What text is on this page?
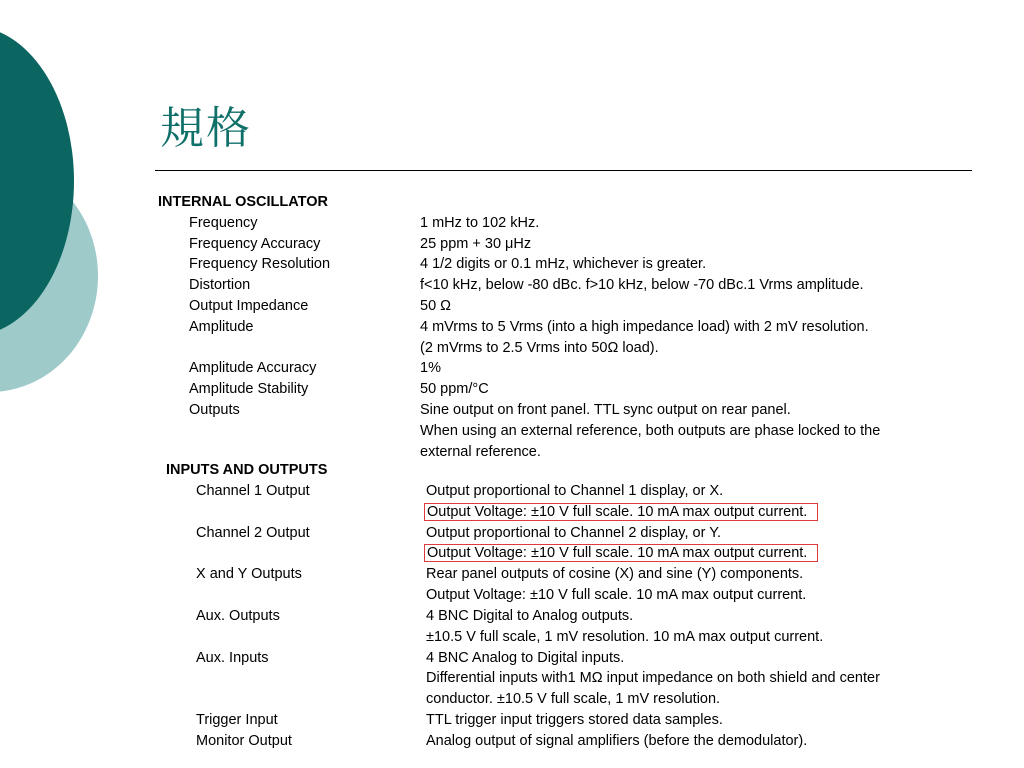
規格
INTERNAL OSCILLATOR
Frequency	1 mHz to 102 kHz.
Frequency Accuracy	25 ppm + 30 μHz
Frequency Resolution	4 1/2 digits or 0.1 mHz, whichever is greater.
Distortion	f<10 kHz, below -80 dBc. f>10 kHz, below -70 dBc.1 Vrms amplitude.
Output Impedance	50 Ω
Amplitude	4 mVrms to 5 Vrms (into a high impedance load) with 2 mV resolution.
(2 mVrms to 2.5 Vrms into 50Ω load).
Amplitude Accuracy	1%
Amplitude Stability	50 ppm/°C
Outputs	Sine output on front panel. TTL sync output on rear panel.
When using an external reference, both outputs are phase locked to the
external reference.
INPUTS AND OUTPUTS
Channel 1 Output	Output proportional to Channel 1 display, or X.
Output Voltage: ±10 V full scale. 10 mA max output current.
Channel 2 Output	Output proportional to Channel 2 display, or Y.
Output Voltage: ±10 V full scale. 10 mA max output current.
X and Y Outputs	Rear panel outputs of cosine (X) and sine (Y) components.
Output Voltage: ±10 V full scale. 10 mA max output current.
Aux. Outputs	4 BNC Digital to Analog outputs.
±10.5 V full scale, 1 mV resolution. 10 mA max output current.
Aux. Inputs	4 BNC Analog to Digital inputs.
Differential inputs with1 MΩ input impedance on both shield and center
conductor. ±10.5 V full scale, 1 mV resolution.
Trigger Input	TTL trigger input triggers stored data samples.
Monitor Output	Analog output of signal amplifiers (before the demodulator).
